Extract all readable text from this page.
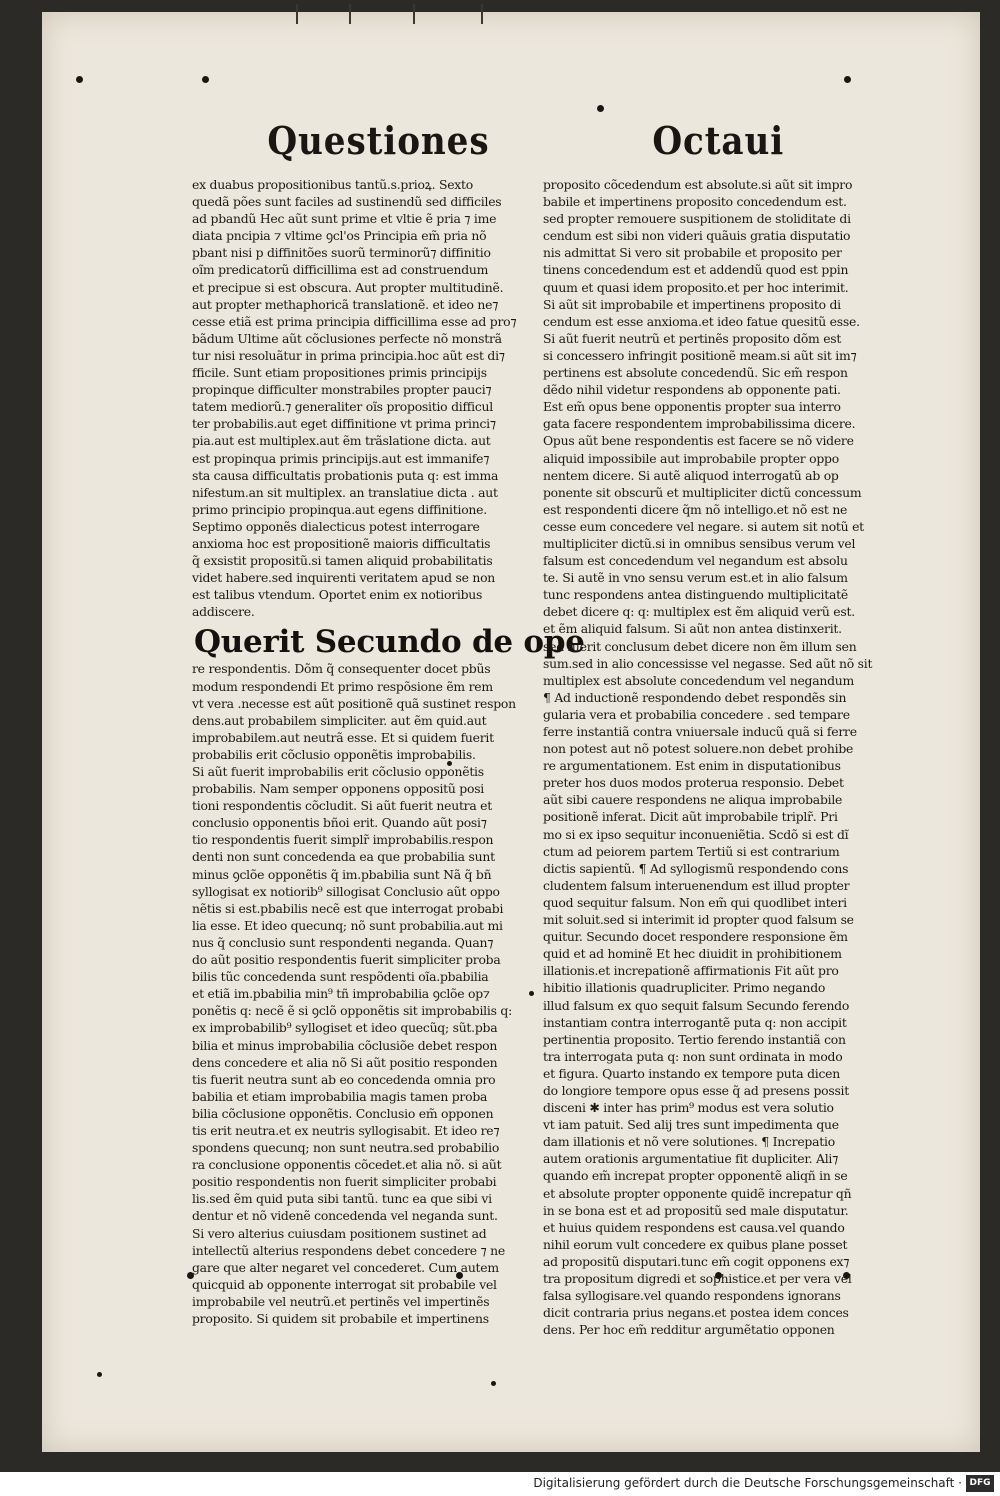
Questiones	Octaui
ex duabus propositionibus tantũ.s.prioꝝ. Sexto
quedã pões sunt faciles ad sustinendũ sed difficiles
ad pbandũ Hec aũt sunt prime et vltie ẽ pria ⁊ ime
diata pncipia ⁊ vltime ꝯcl'os Principia em̃ pria nõ
pbant nisi p diffinitões suorũ terminorũ⁊ diffinitio
oĩm predicatorũ difficillima est ad construendum
et precipue si est obscura. Aut propter multitudinẽ.
aut propter methaphoricã translationẽ. et ideo ne⁊
cesse etiã est prima principia difficillima esse ad pro⁊
bãdum Ultime aũt cõclusiones perfecte nõ monstrã
tur nisi resoluãtur in prima principia.hoc aũt est di⁊
fficile. Sunt etiam propositiones primis principijs
propinque difficulter monstrabiles propter pauci⁊
tatem mediorũ.⁊ generaliter oĩs propositio difficul
ter probabilis.aut eget diffinitione vt prima princi⁊
pia.aut est multiplex.aut ẽm trãslatione dicta. aut
est propinqua primis principijs.aut est immanife⁊
sta causa difficultatis probationis puta q: est imma
nifestum.an sit multiplex. an translatiue dicta . aut
primo principio propinqua.aut egens diffinitione.
Septimo opponẽs dialecticus potest interrogare
anxioma hoc est propositionẽ maioris difficultatis
q̃ exsistit propositũ.si tamen aliquid probabilitatis
videt habere.sed inquirenti veritatem apud se non
est talibus vtendum. Oportet enim ex notioribus
addiscere.
Querit Secundo de ope
re respondentis. Dõm q̃ consequenter docet pbũs
modum respondendi Et primo respõsione ẽm rem
vt vera .necesse est aũt positionẽ quã sustinet respon
dens.aut probabilem simpliciter. aut ẽm quid.aut
improbabilem.aut neutrã esse. Et si quidem fuerit
probabilis erit cõclusio opponẽtis improbabilis.
Si aũt fuerit improbabilis erit cõclusio opponẽtis
probabilis. Nam semper opponens oppositũ posi
tioni respondentis cõcludit. Si aũt fuerit neutra et
conclusio opponentis bñoi erit. Quando aũt posi⁊
tio respondentis fuerit simplr̃ improbabilis.respon
denti non sunt concedenda ea que probabilia sunt
minus ꝯclõe opponẽtis q̃ im.pbabilia sunt Nã q̃ bñ
syllogisat ex notiorib⁹ sillogisat Conclusio aũt oppo
nẽtis si est.pbabilis necẽ est que interrogat probabi
lia esse. Et ideo quecunq; nõ sunt probabilia.aut mi
nus q̃ conclusio sunt respondenti neganda. Quan⁊
do aũt positio respondentis fuerit simpliciter proba
bilis tũc concedenda sunt respõdenti oĩa.pbabilia
et etiã im.pbabilia min⁹ tñ improbabilia ꝯclõe op⁊
ponẽtis q: necẽ ẽ si ꝯclõ opponẽtis sit improbabilis q:
ex improbabilib⁹ syllogiset et ideo quecũq; sũt.pba
bilia et minus improbabilia cõclusiõe debet respon
dens concedere et alia nõ Si aũt positio responden
tis fuerit neutra sunt ab eo concedenda omnia pro
babilia et etiam improbabilia magis tamen proba
bilia cõclusione opponẽtis. Conclusio em̃ opponen
tis erit neutra.et ex neutris syllogisabit. Et ideo re⁊
spondens quecunq; non sunt neutra.sed probabilio
ra conclusione opponentis cõcedet.et alia nõ. si aũt
positio respondentis non fuerit simpliciter probabi
lis.sed ẽm quid puta sibi tantũ. tunc ea que sibi vi
dentur et nõ videnẽ concedenda vel neganda sunt.
Si vero alterius cuiusdam positionem sustinet ad
intellectũ alterius respondens debet concedere ⁊ ne
gare que alter negaret vel concederet. Cum autem
quicquid ab opponente interrogat sit probabile vel
improbabile vel neutrũ.et pertinẽs vel impertinẽs
proposito. Si quidem sit probabile et impertinens
proposito cõcedendum est absolute.si aũt sit impro
babile et impertinens proposito concedendum est.
sed propter remouere suspitionem de stoliditate di
cendum est sibi non videri quãuis gratia disputatio
nis admittat Si vero sit probabile et proposito per
tinens concedendum est et addendũ quod est ppin
quum et quasi idem proposito.et per hoc interimit.
Si aũt sit improbabile et impertinens proposito di
cendum est esse anxioma.et ideo fatue quesitũ esse.
Si aũt fuerit neutrũ et pertinẽs proposito dõm est
si concessero infringit positionẽ meam.si aũt sit im⁊
pertinens est absolute concedendũ. Sic em̃ respon
dẽdo nihil videtur respondens ab opponente pati.
Est em̃ opus bene opponentis propter sua interro
gata facere respondentem improbabilissima dicere.
Opus aũt bene respondentis est facere se nõ videre
aliquid impossibile aut improbabile propter oppo
nentem dicere. Si autẽ aliquod interrogatũ ab op
ponente sit obscurũ et multipliciter dictũ concessum
est respondenti dicere q̃m nõ intelligo.et nõ est ne
cesse eum concedere vel negare. si autem sit notũ et
multipliciter dictũ.si in omnibus sensibus verum vel
falsum est concedendum vel negandum est absolu
te. Si autẽ in vno sensu verum est.et in alio falsum
tunc respondens antea distinguendo multiplicitatẽ
debet dicere q: q: multiplex est ẽm aliquid verũ est.
et ẽm aliquid falsum. Si aũt non antea distinxerit.
sed fuerit conclusum debet dicere non ẽm illum sen
sum.sed in alio concessisse vel negasse. Sed aũt nõ sit
multiplex est absolute concedendum vel negandum
¶ Ad inductionẽ respondendo debet respondẽs sin
gularia vera et probabilia concedere . sed tempare
ferre instantiã contra vniuersale inducũ quã si ferre
non potest aut nõ potest soluere.non debet prohibe
re argumentationem. Est enim in disputationibus
preter hos duos modos proterua responsio. Debet
aũt sibi cauere respondens ne aliqua improbabile
positionẽ inferat. Dicit aũt improbabile triplr̃. Pri
mo si ex ipso sequitur inconueniẽtia. Scdõ si est dĩ
ctum ad peiorem partem Tertiũ si est contrarium
dictis sapientũ. ¶ Ad syllogismũ respondendo cons
cludentem falsum interuenendum est illud propter
quod sequitur falsum. Non em̃ qui quodlibet interi
mit soluit.sed si interimit id propter quod falsum se
quitur. Secundo docet respondere responsione ẽm
quid et ad hominẽ Et hec diuidit in prohibitionem
illationis.et increpationẽ affirmationis Fit aũt pro
hibitio illationis quadrupliciter. Primo negando
illud falsum ex quo sequit falsum Secundo ferendo
instantiam contra interrogantẽ puta q: non accipit
pertinentia proposito. Tertio ferendo instantiã con
tra interrogata puta q: non sunt ordinata in modo
et figura. Quarto instando ex tempore puta dicen
do longiore tempore opus esse q̃ ad presens possit
disceni ✱ inter has prim⁹ modus est vera solutio
vt iam patuit. Sed alij tres sunt impedimenta que
dam illationis et nõ vere solutiones. ¶ Increpatio
autem orationis argumentatiue fit dupliciter. Ali⁊
quando em̃ increpat propter opponentẽ aliqñ in se
et absolute propter opponente quidẽ increpatur qñ
in se bona est et ad propositũ sed male disputatur.
et huius quidem respondens est causa.vel quando
nihil eorum vult concedere ex quibus plane posset
ad propositũ disputari.tunc em̃ cogit opponens ex⁊
tra propositum digredi et sophistice.et per vera vel
falsa syllogisare.vel quando respondens ignorans
dicit contraria prius negans.et postea idem conces
dens. Per hoc em̃ redditur argumẽtatio opponen
Digitalisierung gefördert durch die Deutsche Forschungsgemeinschaft · DFG
